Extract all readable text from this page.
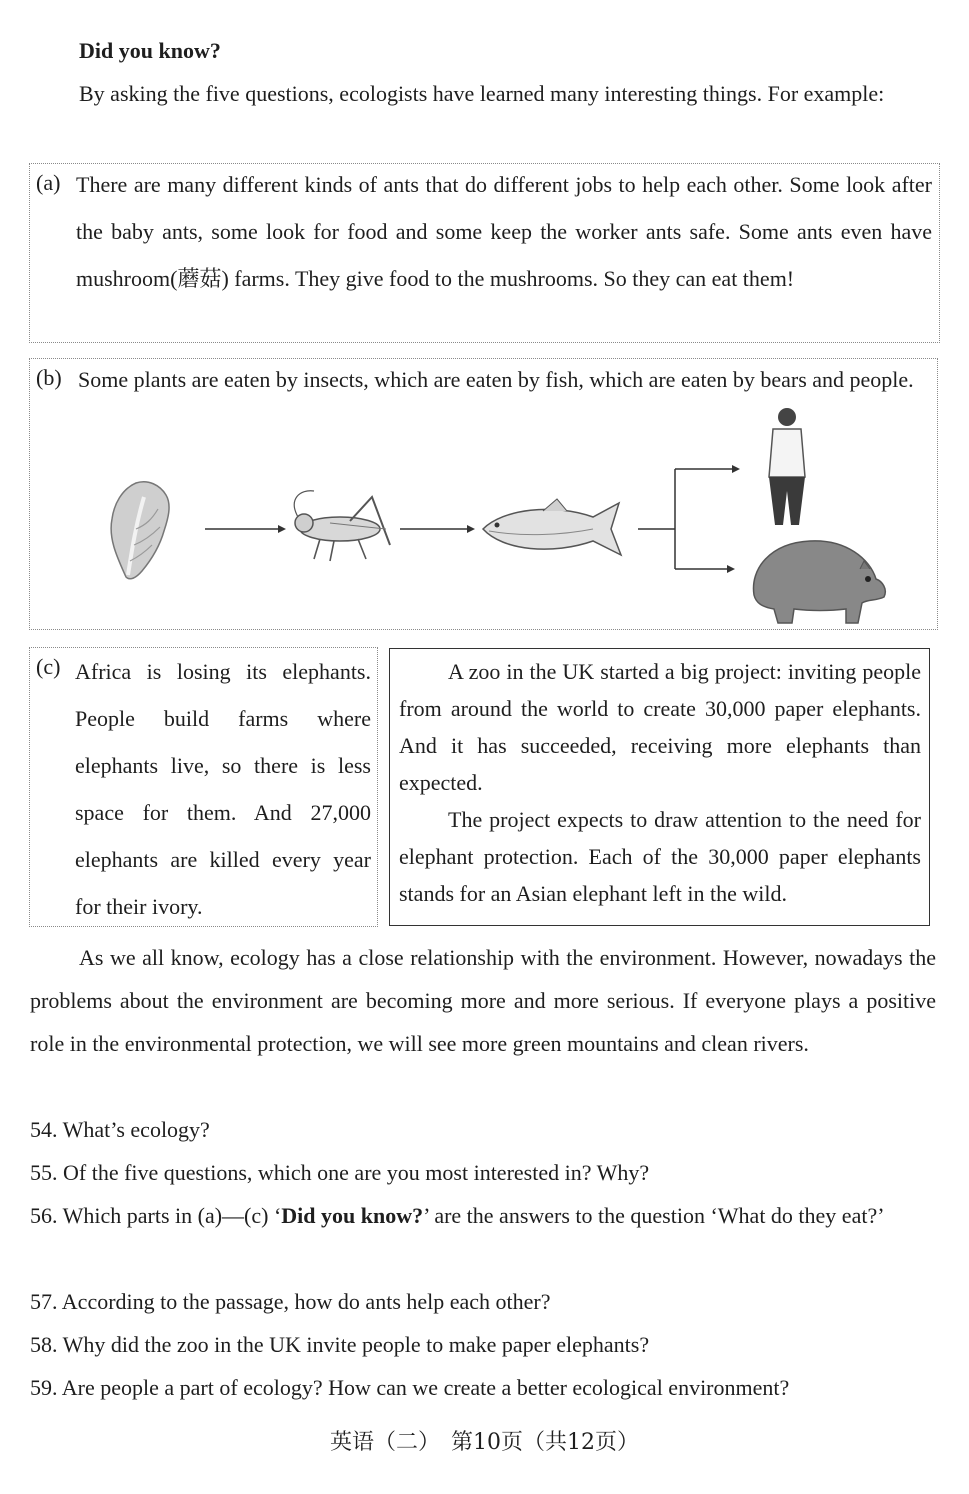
Did you know?
By asking the five questions, ecologists have learned many interesting things. For example:
(a) There are many different kinds of ants that do different jobs to help each other. Some look after the baby ants, some look for food and some keep the worker ants safe. Some ants even have mushroom(蘑菇) farms. They give food to the mushrooms. So they can eat them!
(b) Some plants are eaten by insects, which are eaten by fish, which are eaten by bears and people.
(c) Africa is losing its elephants. People build farms where elephants live, so there is less space for them. And 27,000 elephants are killed every year for their ivory.
A zoo in the UK started a big project: inviting people from around the world to create 30,000 paper elephants. And it has succeeded, receiving more elephants than expected.
The project expects to draw attention to the need for elephant protection. Each of the 30,000 paper elephants stands for an Asian elephant left in the wild.
As we all know, ecology has a close relationship with the environment. However, nowadays the problems about the environment are becoming more and more serious. If everyone plays a positive role in the environmental protection, we will see more green mountains and clean rivers.
54. What’s ecology?
55. Of the five questions, which one are you most interested in? Why?
56. Which parts in (a)—(c) ‘Did you know?’ are the answers to the question ‘What do they eat?’
57. According to the passage, how do ants help each other?
58. Why did the zoo in the UK invite people to make paper elephants?
59. Are people a part of ecology? How can we create a better ecological environment?
英语（二）　第10页（共12页）
